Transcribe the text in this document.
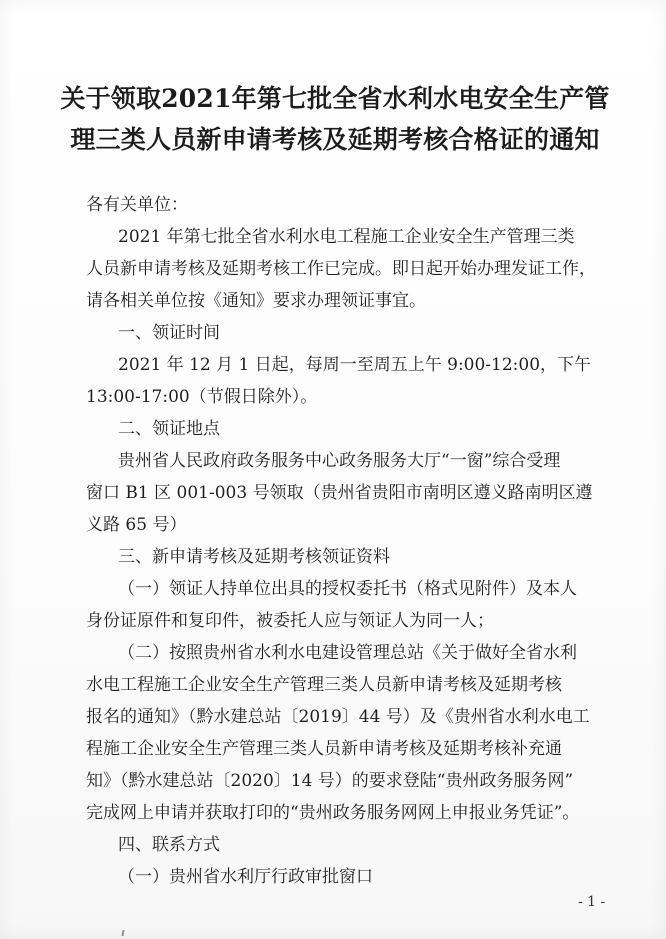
关于领取2021年第七批全省水利水电安全生产管
理三类人员新申请考核及延期考核合格证的通知
各有关单位：
2021 年第七批全省水利水电工程施工企业安全生产管理三类
人员新申请考核及延期考核工作已完成。即日起开始办理发证工作，
请各相关单位按《通知》要求办理领证事宜。
一、领证时间
2021 年 12 月 1 日起，每周一至周五上午 9:00-12:00，下午
13:00-17:00（节假日除外）。
二、领证地点
贵州省人民政府政务服务中心政务服务大厅“一窗”综合受理
窗口 B1 区 001-003 号领取（贵州省贵阳市南明区遵义路南明区遵
义路 65 号）
三、新申请考核及延期考核领证资料
（一）领证人持单位出具的授权委托书（格式见附件）及本人
身份证原件和复印件，被委托人应与领证人为同一人；
（二）按照贵州省水利水电建设管理总站《关于做好全省水利
水电工程施工企业安全生产管理三类人员新申请考核及延期考核
报名的通知》（黔水建总站〔2019〕44 号）及《贵州省水利水电工
程施工企业安全生产管理三类人员新申请考核及延期考核补充通
知》（黔水建总站〔2020〕14 号）的要求登陆“贵州政务服务网”
完成网上申请并获取打印的“贵州政务服务网网上申报业务凭证”。
四、联系方式
（一）贵州省水利厅行政审批窗口
- 1 -
